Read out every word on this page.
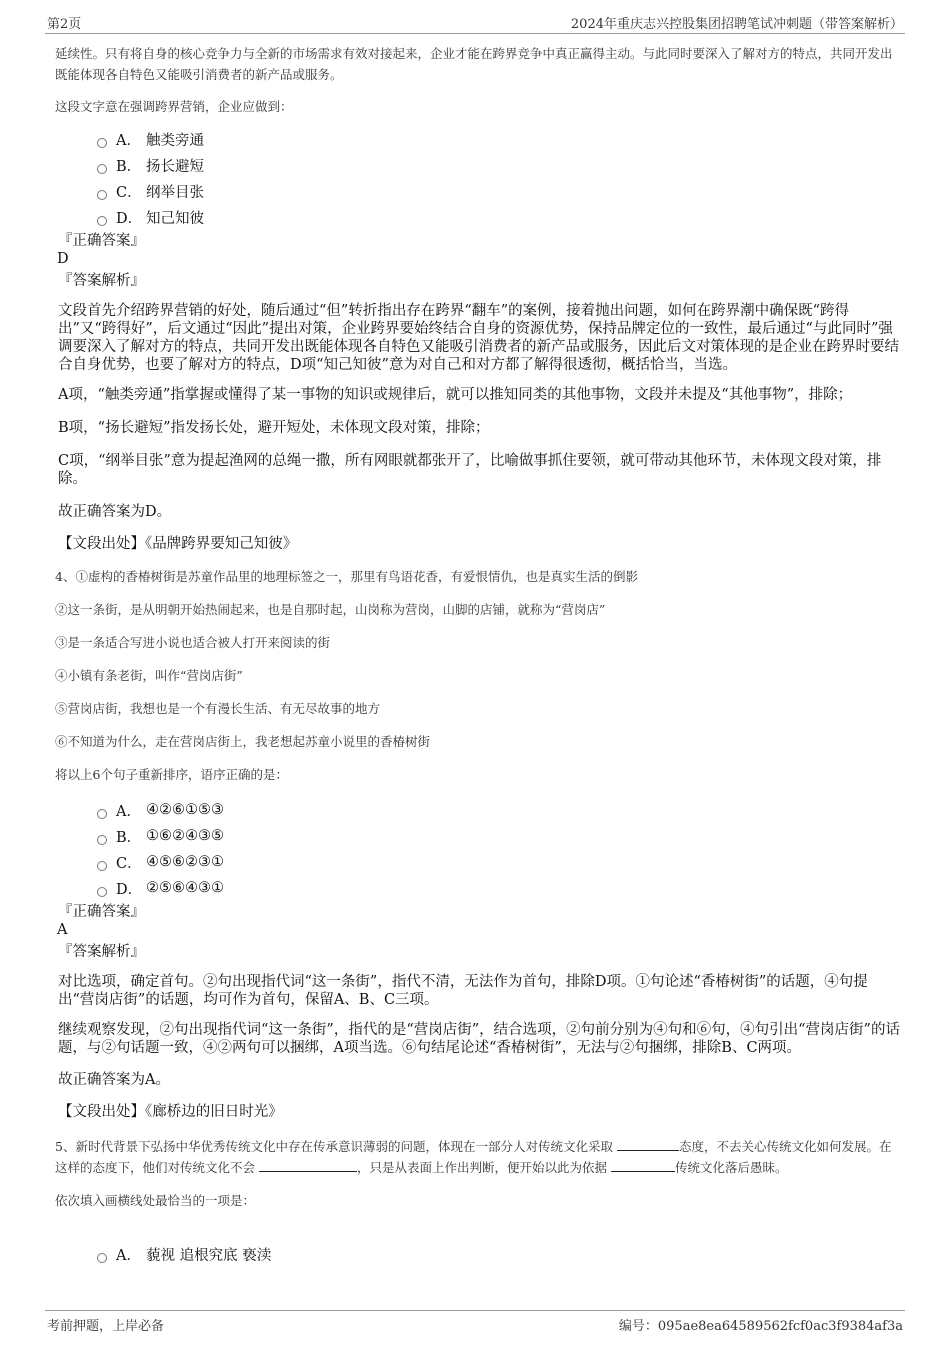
第2页	2024年重庆志兴控股集团招聘笔试冲刺题（带答案解析）

延续性。只有将自身的核心竞争力与全新的市场需求有效对接起来，企业才能在跨界竞争中真正赢得主动。与此同时要深入了解对方的特点，共同开发出既能体现各自特色又能吸引消费者的新产品或服务。

这段文字意在强调跨界营销，企业应做到：

A． 触类旁通
B． 扬长避短
C． 纲举目张
D． 知己知彼

『正确答案』

D

『答案解析』

文段首先介绍跨界营销的好处，随后通过“但”转折指出存在跨界“翻车”的案例，接着抛出问题，如何在跨界潮中确保既“跨得出”又“跨得好”，后文通过“因此”提出对策，企业跨界要始终结合自身的资源优势，保持品牌定位的一致性，最后通过“与此同时”强调要深入了解对方的特点，共同开发出既能体现各自特色又能吸引消费者的新产品或服务，因此后文对策体现的是企业在跨界时要结合自身优势，也要了解对方的特点，D项“知己知彼”意为对自己和对方都了解得很透彻，概括恰当，当选。

A项，“触类旁通”指掌握或懂得了某一事物的知识或规律后，就可以推知同类的其他事物，文段并未提及“其他事物”，排除；

B项，“扬长避短”指发扬长处，避开短处，未体现文段对策，排除；

C项，“纲举目张”意为提起渔网的总绳一撒，所有网眼就都张开了，比喻做事抓住要领，就可带动其他环节，未体现文段对策，排除。

故正确答案为D。

【文段出处】《品牌跨界要知己知彼》

4、①虚构的香椿树街是苏童作品里的地理标签之一，那里有鸟语花香，有爱恨情仇，也是真实生活的倒影

②这一条街，是从明朝开始热闹起来，也是自那时起，山岗称为营岗，山脚的店铺，就称为“营岗店”

③是一条适合写进小说也适合被人打开来阅读的街

④小镇有条老街，叫作“营岗店街”

⑤营岗店街，我想也是一个有漫长生活、有无尽故事的地方

⑥不知道为什么，走在营岗店街上，我老想起苏童小说里的香椿树街

将以上6个句子重新排序，语序正确的是：

A． ④②⑥①⑤③
B． ①⑥②④③⑤
C． ④⑤⑥②③①
D． ②⑤⑥④③①

『正确答案』

A

『答案解析』

对比选项，确定首句。②句出现指代词“这一条街”，指代不清，无法作为首句，排除D项。①句论述“香椿树街”的话题，④句提出“营岗店街”的话题，均可作为首句，保留A、B、C三项。

继续观察发现，②句出现指代词“这一条街”，指代的是“营岗店街”，结合选项，②句前分别为④句和⑥句，④句引出“营岗店街”的话题，与②句话题一致，④②两句可以捆绑，A项当选。⑥句结尾论述“香椿树街”，无法与②句捆绑，排除B、C两项。

故正确答案为A。

【文段出处】《廊桥边的旧日时光》

5、新时代背景下弘扬中华优秀传统文化中存在传承意识薄弱的问题，体现在一部分人对传统文化采取	态度，不去关心传统文化如何发展。在这样的态度下，他们对传统文化不会	，只是从表面上作出判断，便开始以此为依据	传统文化落后愚昧。

依次填入画横线处最恰当的一项是：

A． 藐视 追根究底 亵渎
考前押题，上岸必备	编号：095ae8ea64589562fcf0ac3f9384af3a
